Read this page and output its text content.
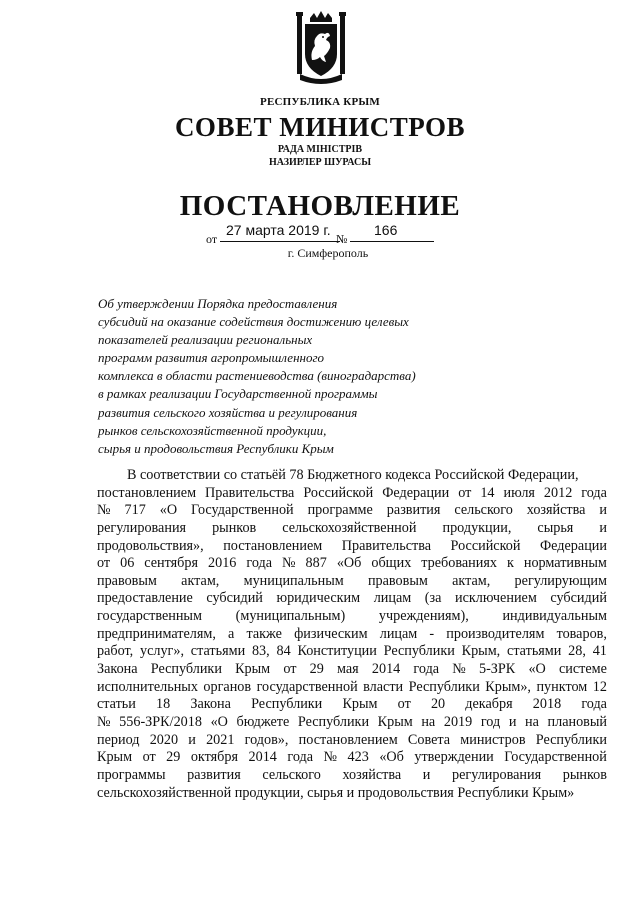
РЕСПУБЛИКА КРЫМ
СОВЕТ МИНИСТРОВ
РАДА МІНІСТРІВ
НАЗИРЛЕР ШУРАСЫ
ПОСТАНОВЛЕНИЕ
от
27 марта 2019 г.
№
166
г. Симферополь
Об утверждении Порядка предоставления
субсидий на оказание содействия достижению целевых
показателей реализации региональных
программ развития агропромышленного
комплекса в области растениеводства (виноградарства)
в рамках реализации Государственной программы
развития сельского хозяйства и регулирования
рынков сельскохозяйственной продукции,
сырья и продовольствия Республики Крым
В соответствии со статьёй 78 Бюджетного кодекса Российской Федерации,
постановлением Правительства Российской Федерации от 14 июля 2012 года
№ 717 «О Государственной программе развития сельского хозяйства и
регулирования рынков сельскохозяйственной продукции, сырья и
продовольствия», постановлением Правительства Российской Федерации
от 06 сентября 2016 года № 887 «Об общих требованиях к нормативным
правовым актам, муниципальным правовым актам, регулирующим
предоставление субсидий юридическим лицам (за исключением субсидий
государственным (муниципальным) учреждениям), индивидуальным
предпринимателям, а также физическим лицам - производителям товаров,
работ, услуг», статьями 83, 84 Конституции Республики Крым, статьями 28, 41
Закона Республики Крым от 29 мая 2014 года № 5-ЗРК «О системе
исполнительных органов государственной власти Республики Крым», пунктом 12
статьи 18 Закона Республики Крым от 20 декабря 2018 года
№ 556-ЗРК/2018 «О бюджете Республики Крым на 2019 год и на плановый
период 2020 и 2021 годов», постановлением Совета министров Республики
Крым от 29 октября 2014 года № 423 «Об утверждении Государственной
программы развития сельского хозяйства и регулирования рынков
сельскохозяйственной продукции, сырья и продовольствия Республики Крым»
